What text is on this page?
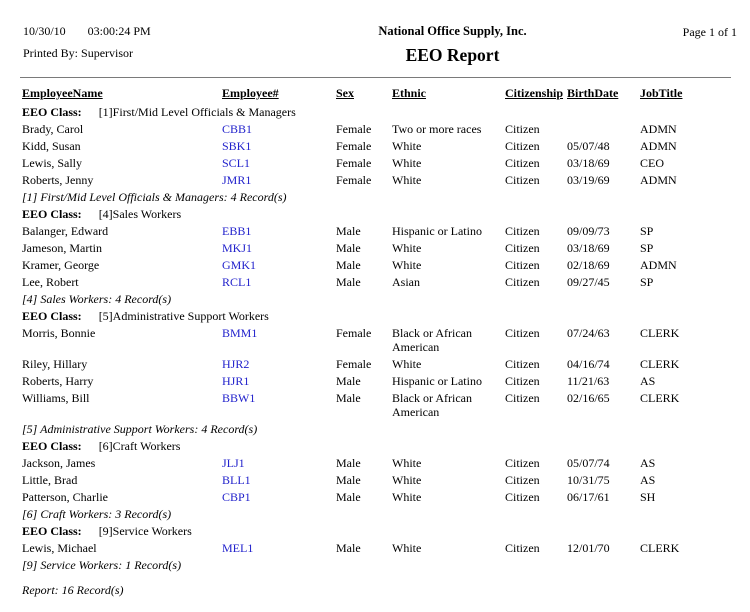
10/30/10 03:00:24 PM
Printed By: Supervisor
National Office Supply, Inc.
EEO Report
Page 1 of 1
EmployeeName	Employee#	Sex	Ethnic	Citizenship	BirthDate	JobTitle
EEO Class: [1]First/Mid Level Officials & Managers						
Brady, Carol	CBB1	Female	Two or more races	Citizen		ADMN
Kidd, Susan	SBK1	Female	White	Citizen	05/07/48	ADMN
Lewis, Sally	SCL1	Female	White	Citizen	03/18/69	CEO
Roberts, Jenny	JMR1	Female	White	Citizen	03/19/69	ADMN
[1] First/Mid Level Officials & Managers: 4 Record(s)						
EEO Class: [4]Sales Workers						
Balanger, Edward	EBB1	Male	Hispanic or Latino	Citizen	09/09/73	SP
Jameson, Martin	MKJ1	Male	White	Citizen	03/18/69	SP
Kramer, George	GMK1	Male	White	Citizen	02/18/69	ADMN
Lee, Robert	RCL1	Male	Asian	Citizen	09/27/45	SP
[4] Sales Workers: 4 Record(s)						
EEO Class: [5]Administrative Support Workers						
Morris, Bonnie	BMM1	Female	Black or African American	Citizen	07/24/63	CLERK
Riley, Hillary	HJR2	Female	White	Citizen	04/16/74	CLERK
Roberts, Harry	HJR1	Male	Hispanic or Latino	Citizen	11/21/63	AS
Williams, Bill	BBW1	Male	Black or African American	Citizen	02/16/65	CLERK
[5] Administrative Support Workers: 4 Record(s)						
EEO Class: [6]Craft Workers						
Jackson, James	JLJ1	Male	White	Citizen	05/07/74	AS
Little, Brad	BLL1	Male	White	Citizen	10/31/75	AS
Patterson, Charlie	CBP1	Male	White	Citizen	06/17/61	SH
[6] Craft Workers: 3 Record(s)						
EEO Class: [9]Service Workers						
Lewis, Michael	MEL1	Male	White	Citizen	12/01/70	CLERK
[9] Service Workers: 1 Record(s)						
Report: 16 Record(s)
